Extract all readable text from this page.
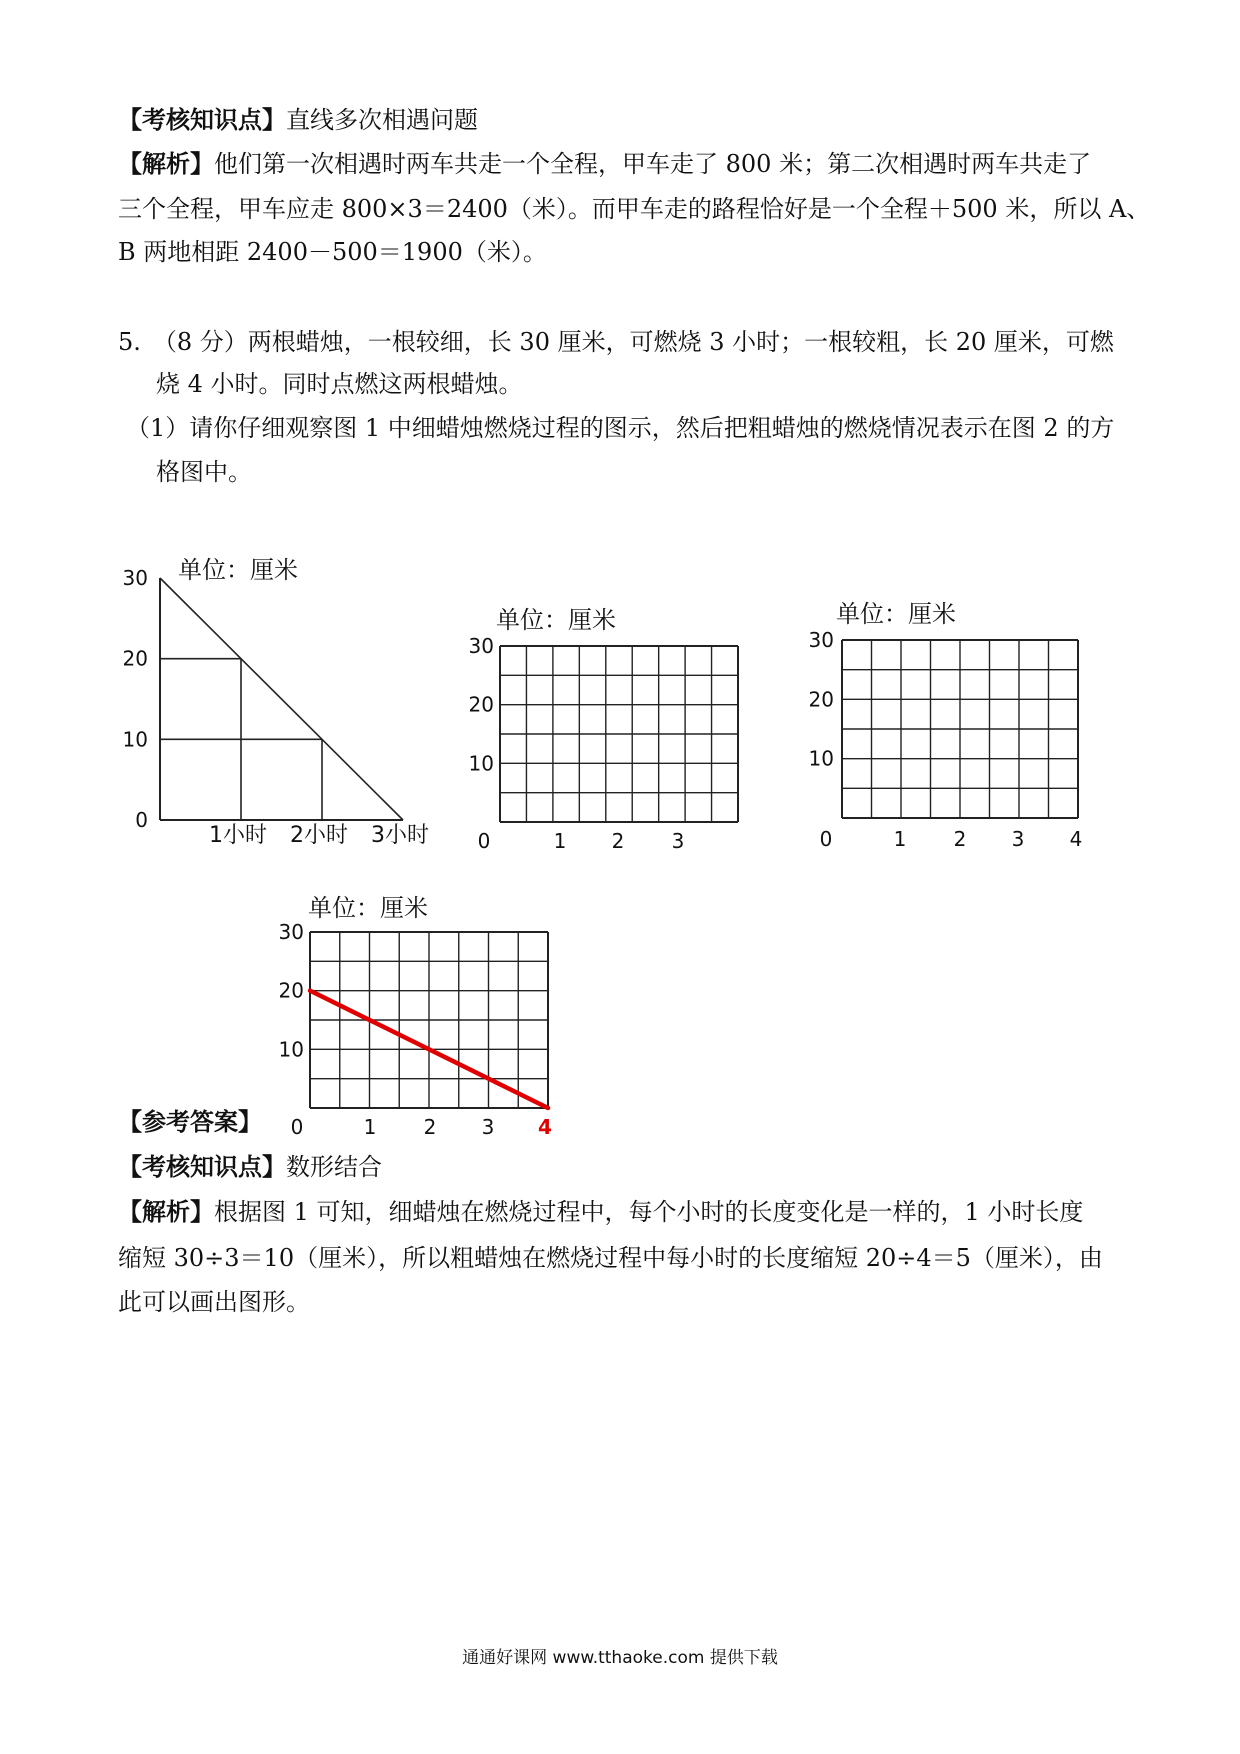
【考核知识点】直线多次相遇问题
【解析】他们第一次相遇时两车共走一个全程，甲车走了 800 米；第二次相遇时两车共走了
三个全程，甲车应走 800×3＝2400（米）。而甲车走的路程恰好是一个全程＋500 米，所以 A、
B 两地相距 2400－500＝1900（米）。
5.　（8 分）两根蜡烛，一根较细，长 30 厘米，可燃烧 3 小时；一根较粗，长 20 厘米，可燃
烧 4 小时。同时点燃这两根蜡烛。
（1）请你仔细观察图 1 中细蜡烛燃烧过程的图示，然后把粗蜡烛的燃烧情况表示在图 2 的方
格图中。
单位：厘米
30
20
10
0
1小时 2小时 3小时
单位：厘米
30
20
10
0	1 2 3
单位：厘米
30
20
10
0	1 2 3 4
单位：厘米
30
20
10
0	1 2 3 4
【参考答案】
【考核知识点】数形结合
【解析】根据图 1 可知，细蜡烛在燃烧过程中，每个小时的长度变化是一样的，1 小时长度
缩短 30÷3＝10（厘米），所以粗蜡烛在燃烧过程中每小时的长度缩短 20÷4＝5（厘米），由
此可以画出图形。
通通好课网 www.tthaoke.com 提供下载
